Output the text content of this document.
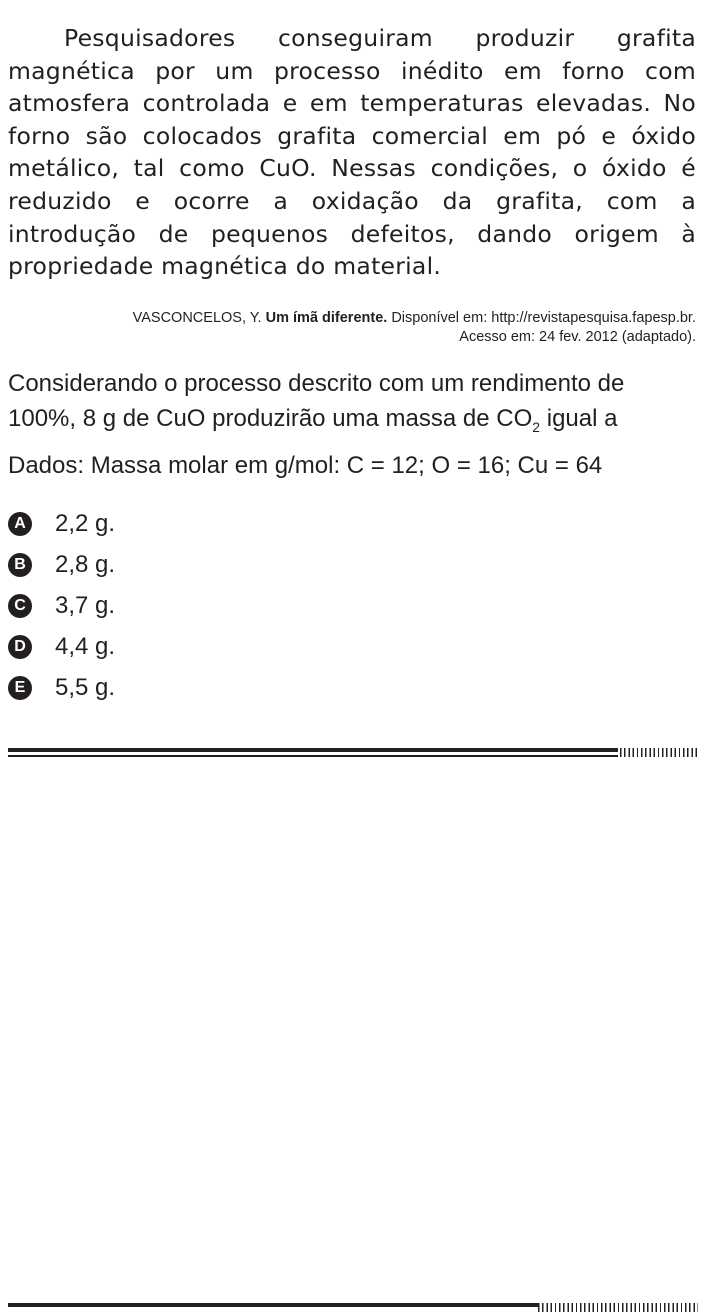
Pesquisadores conseguiram produzir grafita magnética por um processo inédito em forno com atmosfera controlada e em temperaturas elevadas. No forno são colocados grafita comercial em pó e óxido metálico, tal como CuO. Nessas condições, o óxido é reduzido e ocorre a oxidação da grafita, com a introdução de pequenos defeitos, dando origem à propriedade magnética do material.

VASCONCELOS, Y. Um ímã diferente. Disponível em: http://revistapesquisa.fapesp.br.
Acesso em: 24 fev. 2012 (adaptado).
Considerando o processo descrito com um rendimento de
100%, 8 g de CuO produzirão uma massa de $CO_2$ igual a
Dados: Massa molar em g/mol: C = 12; O = 16; Cu = 64
A 2,2 g.
B 2,8 g.
C 3,7 g.
D 4,4 g.
E 5,5 g.
